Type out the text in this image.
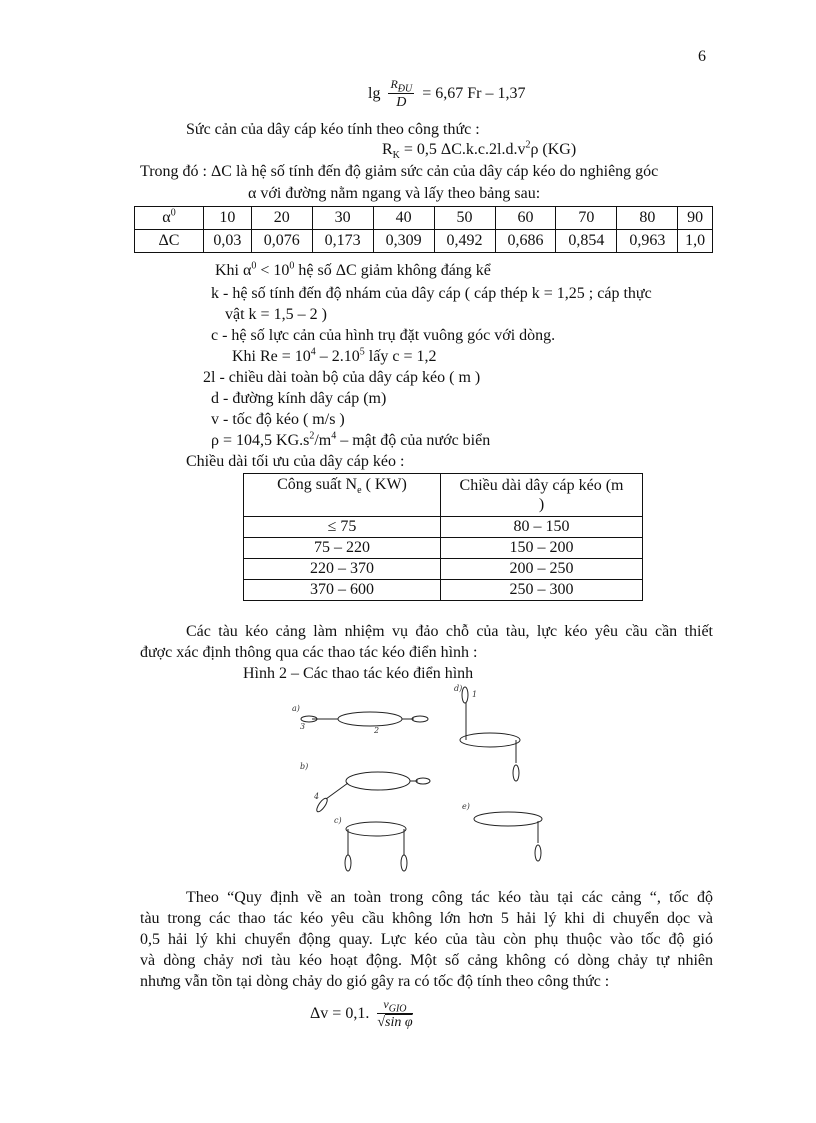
6
$\lg \frac{R_{ĐU}}{D} = 6,67$ Fr – 1,37
Sức cản của dây cáp kéo tính theo công thức :
$R_K = 0,5$ $\Delta C.k.c.2l.d.v^2\rho$ (KG)
Trong đó : ΔC là hệ số tính đến độ giảm sức cản của dây cáp kéo do nghiêng góc
α với đường nằm ngang và lấy theo bảng sau:
$\alpha^0$	10	20	30	40	50	60	70	80	90
ΔC	0,03	0,076	0,173	0,309	0,492	0,686	0,854	0,963	1,0
Khi $\alpha^0 < 10^0$ hệ số ΔC giảm không đáng kể
k - hệ số tính đến độ nhám của dây cáp ( cáp thép k = 1,25 ; cáp thực
vật k = 1,5 – 2 )
c - hệ số lực cản của hình trụ đặt vuông góc với dòng.
Khi $Re = 10^4 - 2.10^5$ lấy c = 1,2
2l - chiều dài toàn bộ của dây cáp kéo ( m )
d - đường kính dây cáp (m)
v - tốc độ kéo ( m/s )
ρ = 104,5 $KG.s^2/m^4$ – mật độ của nước biển
Chiều dài tối ưu của dây cáp kéo :
Công suất $N_e$ ( KW)	Chiều dài dây cáp kéo (m
)
≤ 75	80 – 150
75 – 220	150 – 200
220 – 370	200 – 250
370 – 600	250 – 300
Các tàu kéo cảng làm nhiệm vụ đảo chỗ của tàu, lực kéo yêu cầu cần thiết
được xác định thông qua các thao tác kéo điển hình :
Hình 2 – Các thao tác kéo điển hình
a)
b)
c)
d)
e)
1
2
3
4
Theo “Quy định về an toàn trong công tác kéo tàu tại các cảng “, tốc độ
tàu trong các thao tác kéo yêu cầu không lớn hơn 5 hải lý khi di chuyển dọc và
0,5 hải lý khi chuyển động quay. Lực kéo của tàu còn phụ thuộc vào tốc độ gió
và dòng chảy nơi tàu kéo hoạt động. Một số cảng không có dòng chảy tự nhiên
nhưng vẫn tồn tại dòng chảy do gió gây ra có tốc độ tính theo công thức :
Δv = 0,1. $\frac{v_{GIO}}{\text{√sin φ}}$
